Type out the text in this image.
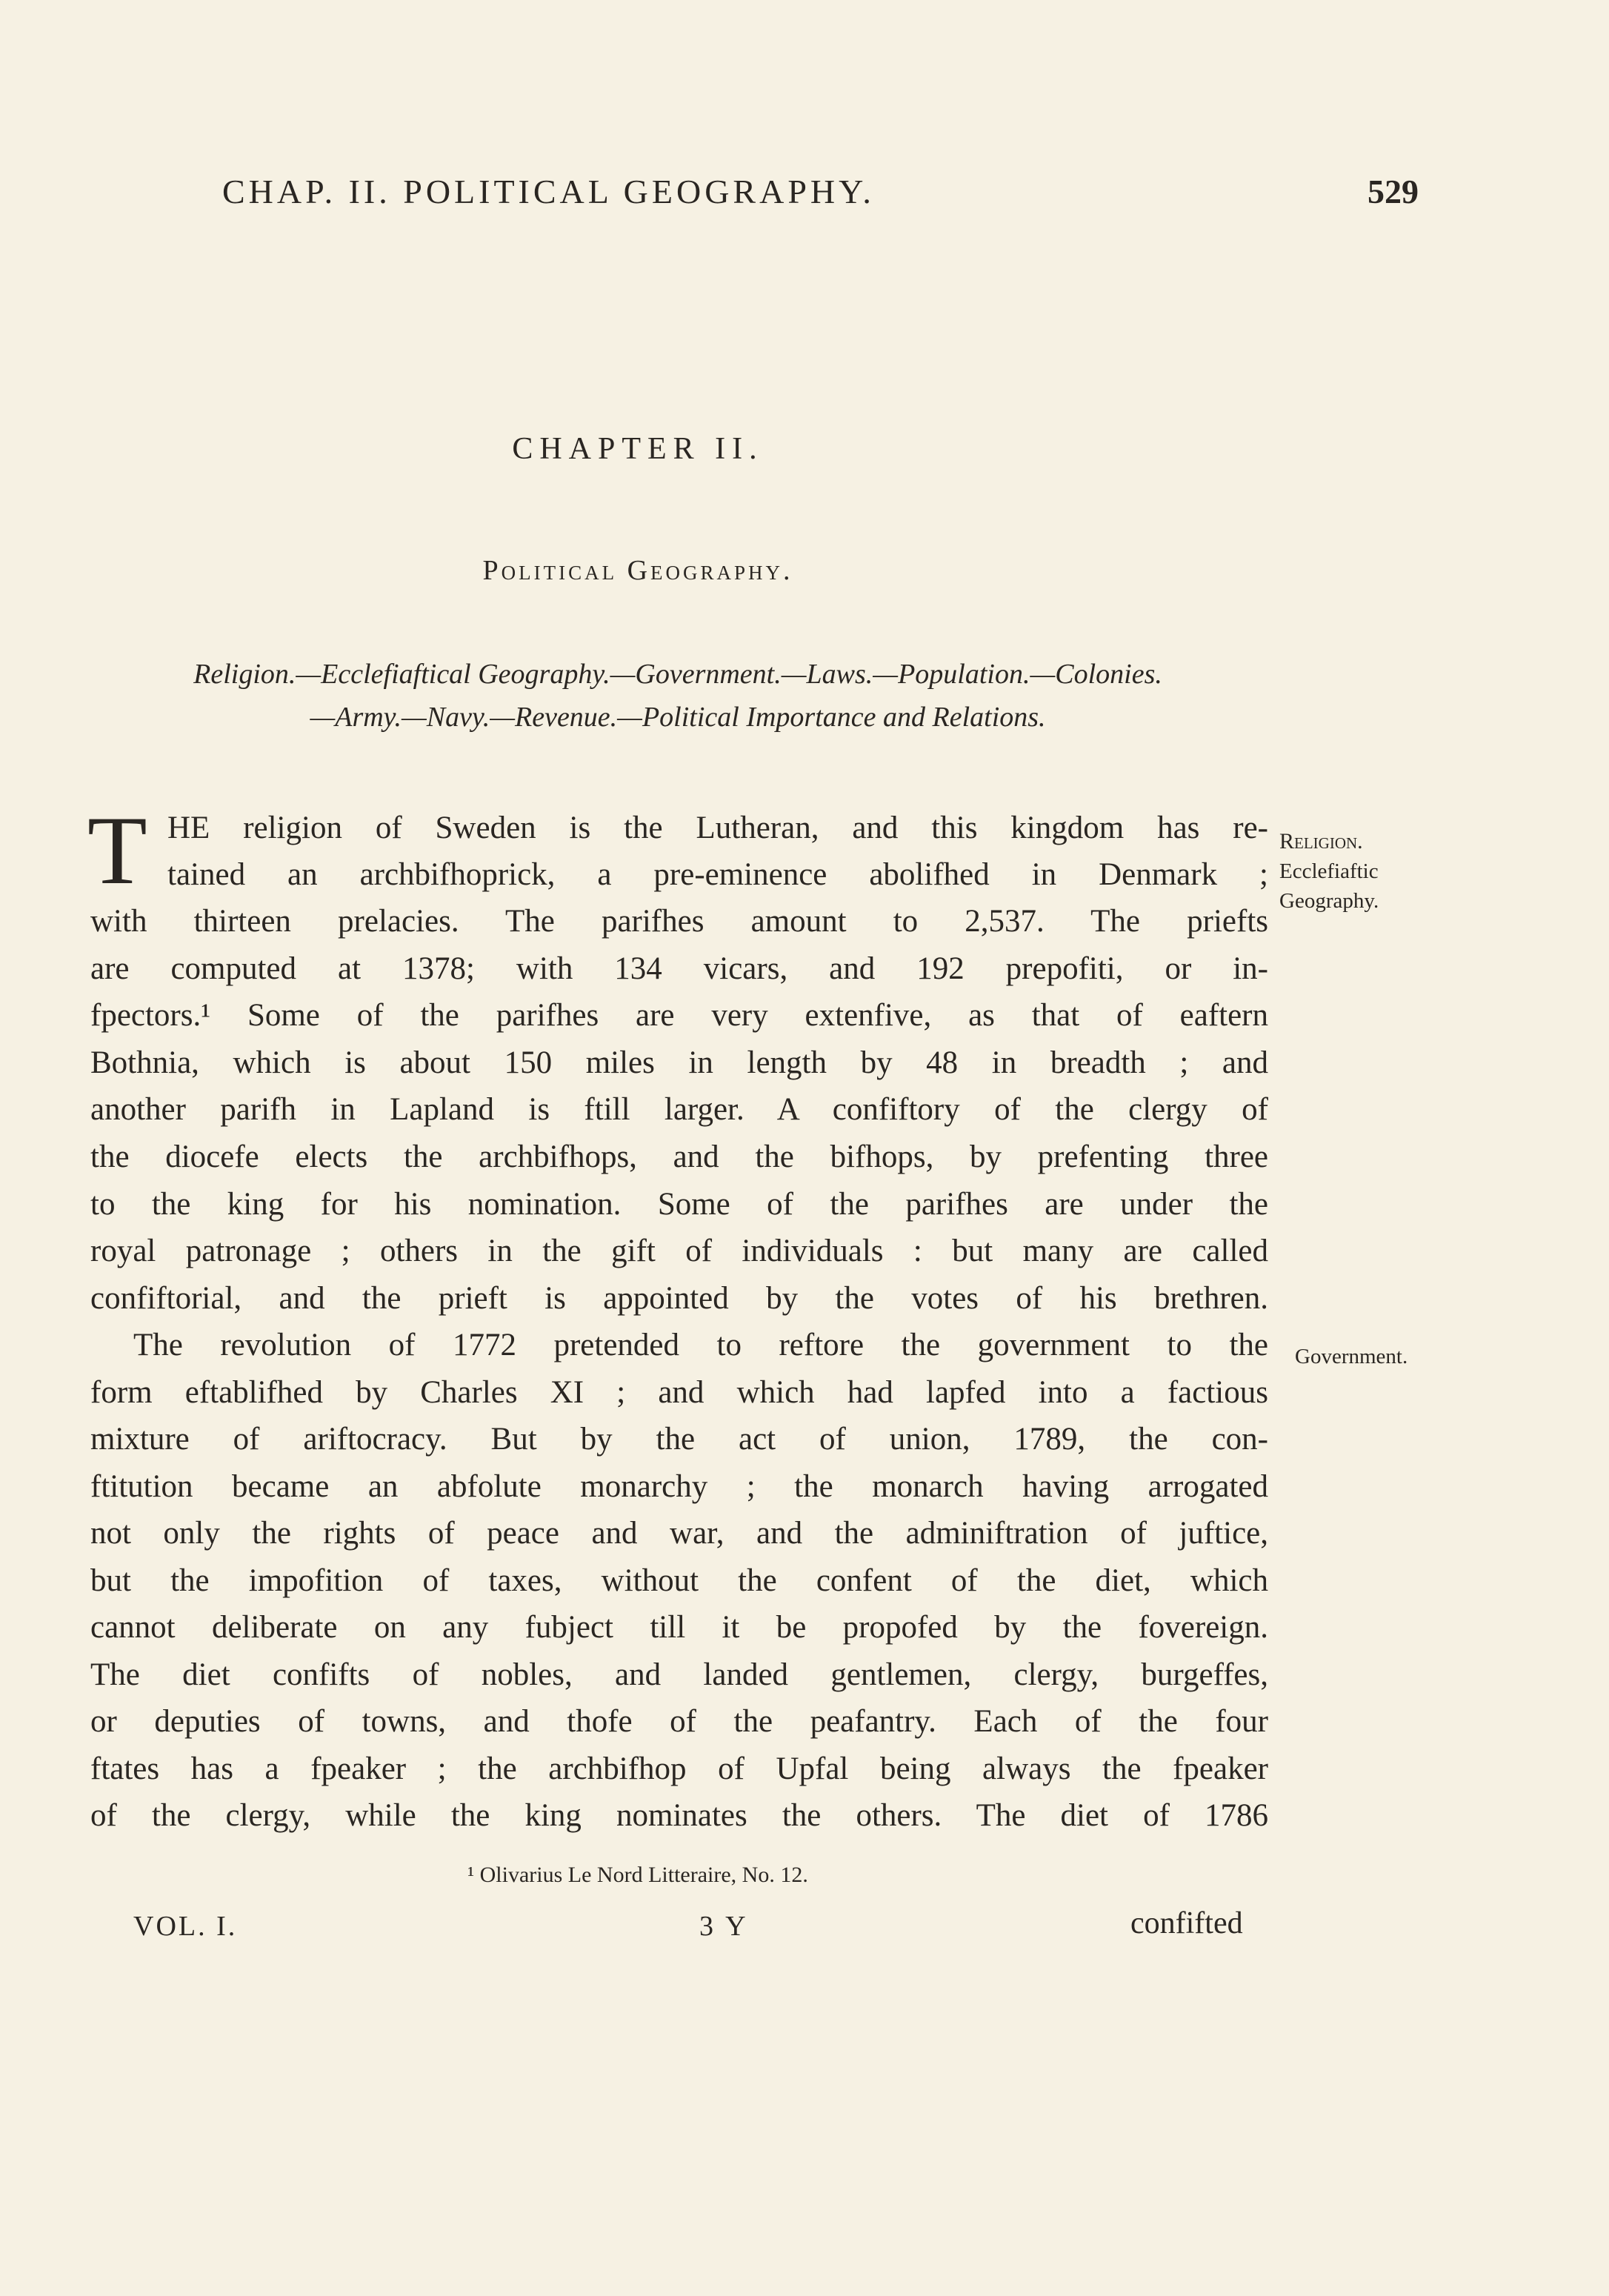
CHAP. II. POLITICAL GEOGRAPHY.	529
CHAPTER II.
Political Geography.
Religion.—Ecclefiaftical Geography.—Government.—Laws.—Population.—Colonies.
—Army.—Navy.—Revenue.—Political Importance and Relations.
T HE religion of Sweden is the Lutheran, and this kingdom has re-
tained an archbifhoprick, a pre-eminence abolifhed in Denmark ;
with thirteen prelacies. The parifhes amount to 2,537. The priefts
are computed at 1378; with 134 vicars, and 192 prepofiti, or in-
fpectors.¹ Some of the parifhes are very extenfive, as that of eaftern
Bothnia, which is about 150 miles in length by 48 in breadth ; and
another parifh in Lapland is ftill larger. A confiftory of the clergy of
the diocefe elects the archbifhops, and the bifhops, by prefenting three
to the king for his nomination. Some of the parifhes are under the
royal patronage ; others in the gift of individuals : but many are called
confiftorial, and the prieft is appointed by the votes of his brethren.
The revolution of 1772 pretended to reftore the government to the
form eftablifhed by Charles XI ; and which had lapfed into a factious
mixture of ariftocracy. But by the act of union, 1789, the con-
ftitution became an abfolute monarchy ; the monarch having arrogated
not only the rights of peace and war, and the adminiftration of juftice,
but the impofition of taxes, without the confent of the diet, which
cannot deliberate on any fubject till it be propofed by the fovereign.
The diet confifts of nobles, and landed gentlemen, clergy, burgeffes,
or deputies of towns, and thofe of the peafantry. Each of the four
ftates has a fpeaker ; the archbifhop of Upfal being always the fpeaker
of the clergy, while the king nominates the others. The diet of 1786
Religion.
Ecclefiaftic
Geography.
Government.
¹ Olivarius Le Nord Litteraire, No. 12.
VOL. I.	3 Y	confifted
